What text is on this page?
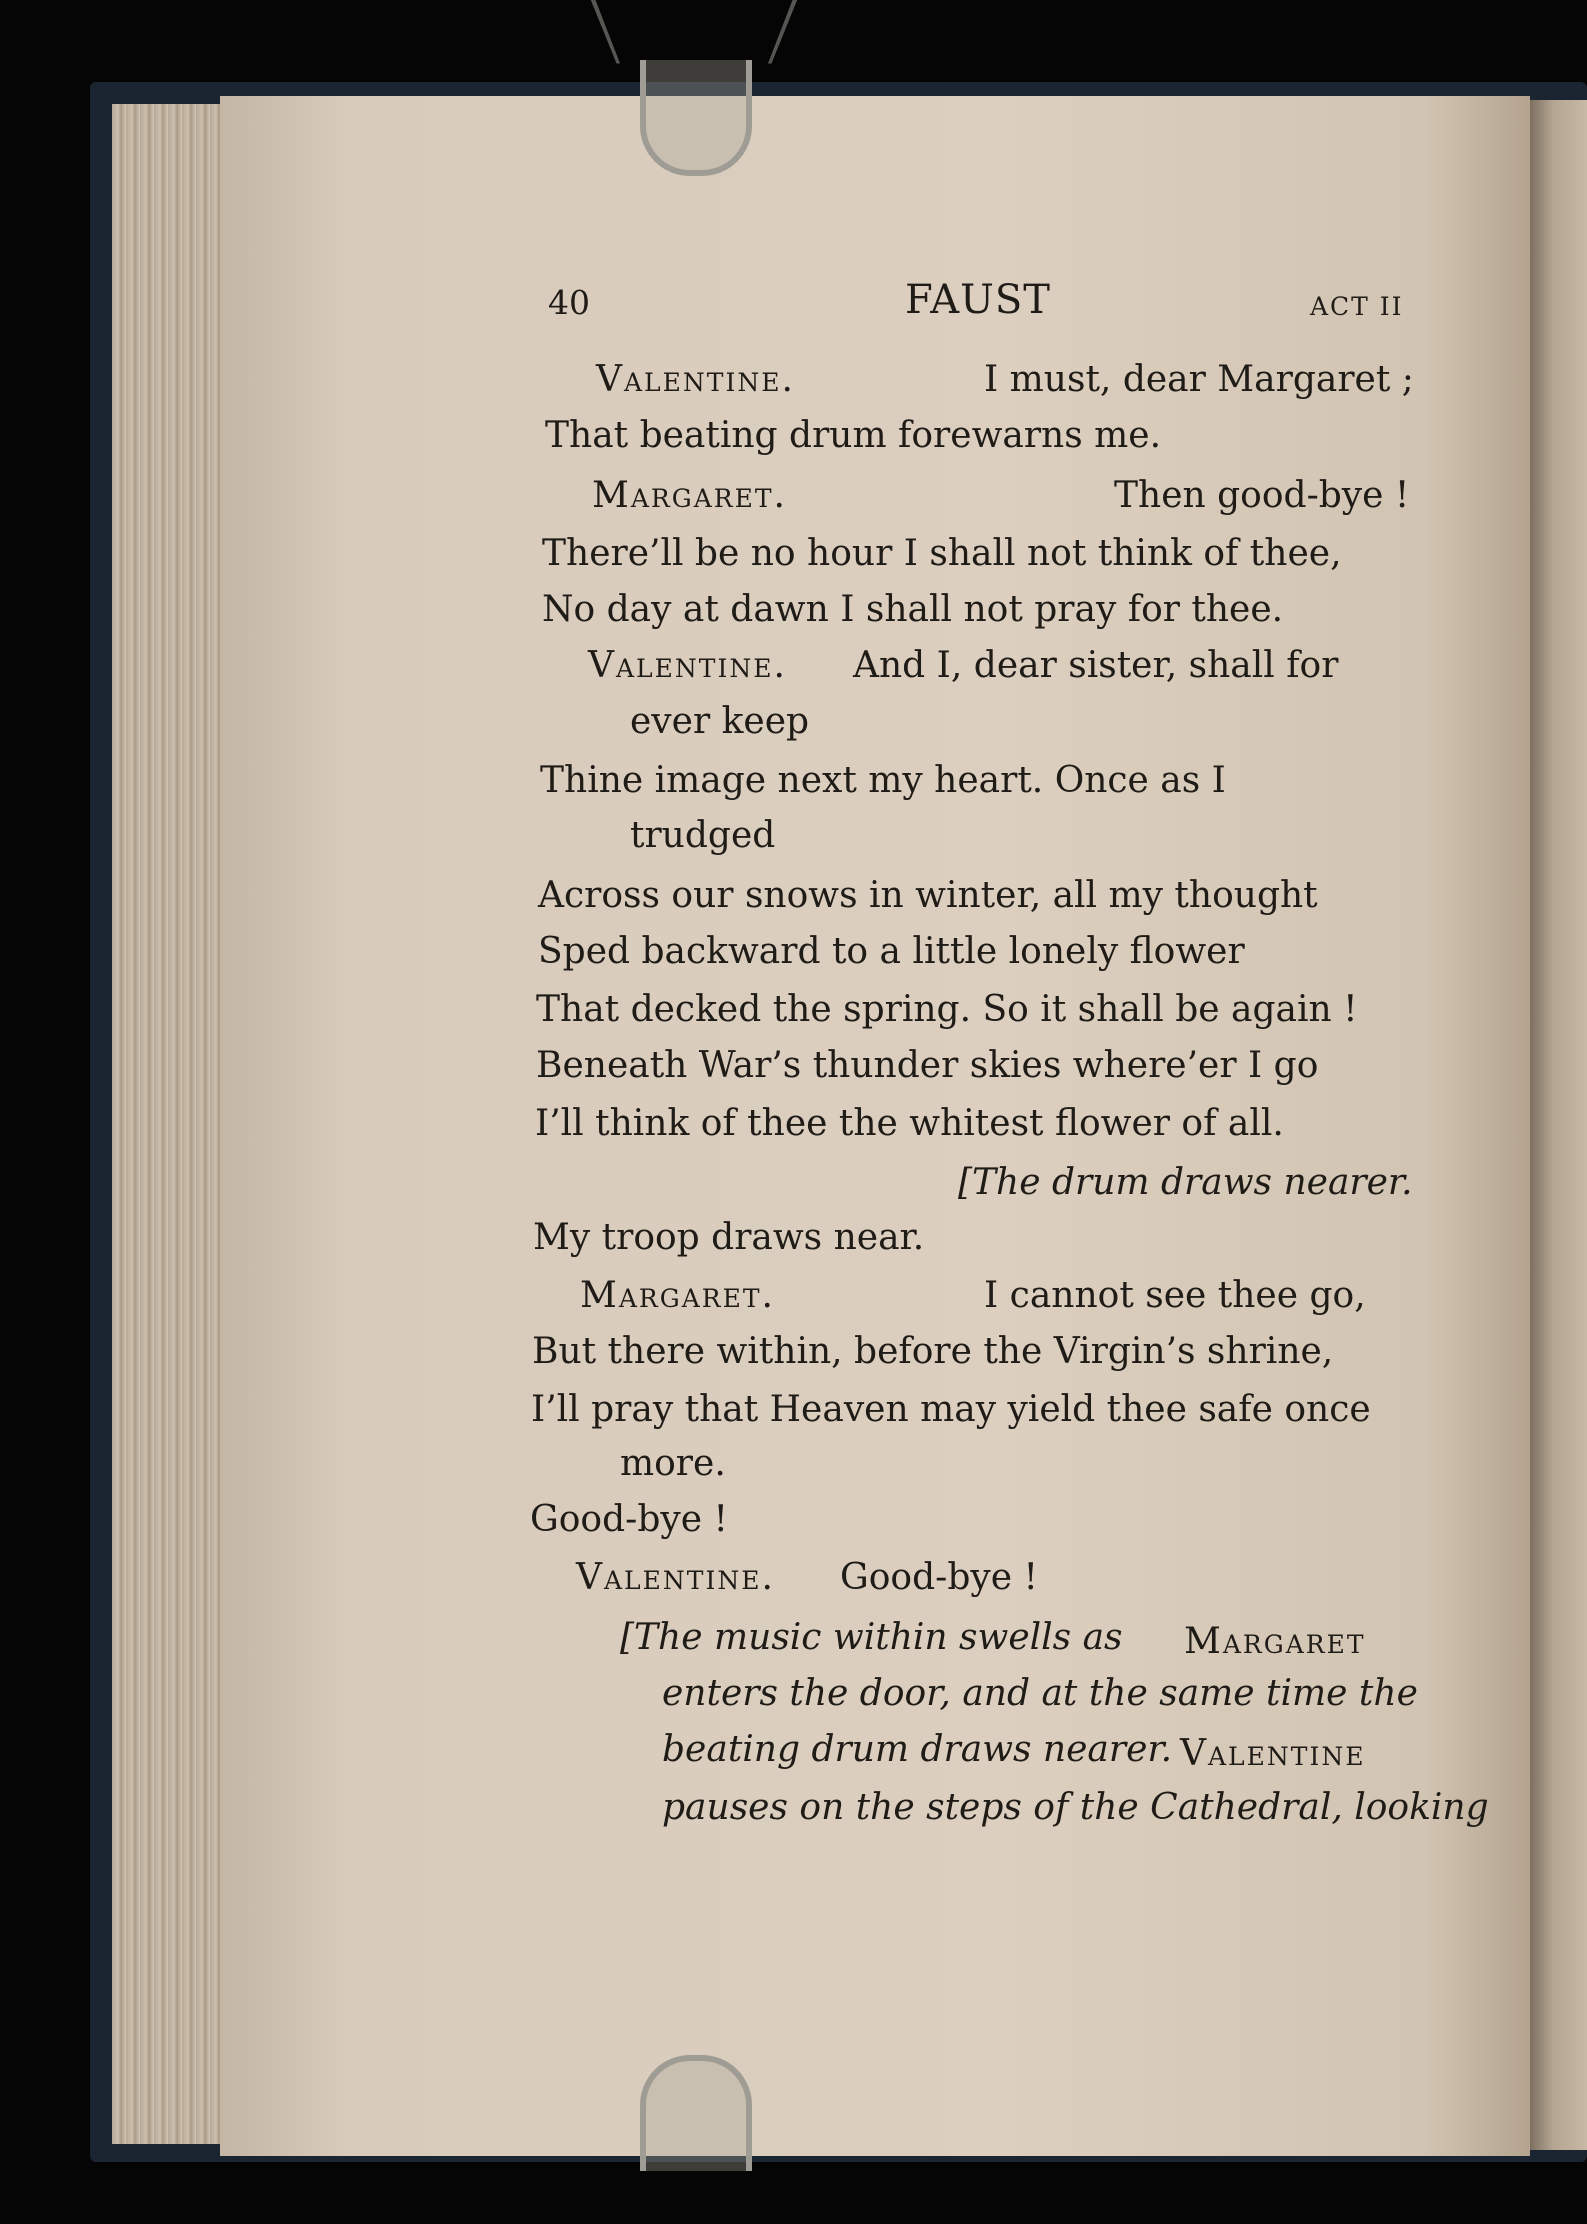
40	FAUST	ACT II
Valentine.	I must, dear Margaret ;
That beating drum forewarns me.
Margaret.	Then good-bye !
There’ll be no hour I shall not think of thee,
No day at dawn I shall not pray for thee.
Valentine. And I, dear sister, shall for
ever keep
Thine image next my heart. Once as I
trudged
Across our snows in winter, all my thought
Sped backward to a little lonely flower
That decked the spring. So it shall be again !
Beneath War’s thunder skies where’er I go
I’ll think of thee the whitest flower of all.
[The drum draws nearer.
My troop draws near.
Margaret.	I cannot see thee go,
But there within, before the Virgin’s shrine,
I’ll pray that Heaven may yield thee safe once
more.
Good-bye !
Valentine. Good-bye !
[The music within swells as Margaret
enters the door, and at the same time the
beating drum draws nearer. Valentine
pauses on the steps of the Cathedral, looking
